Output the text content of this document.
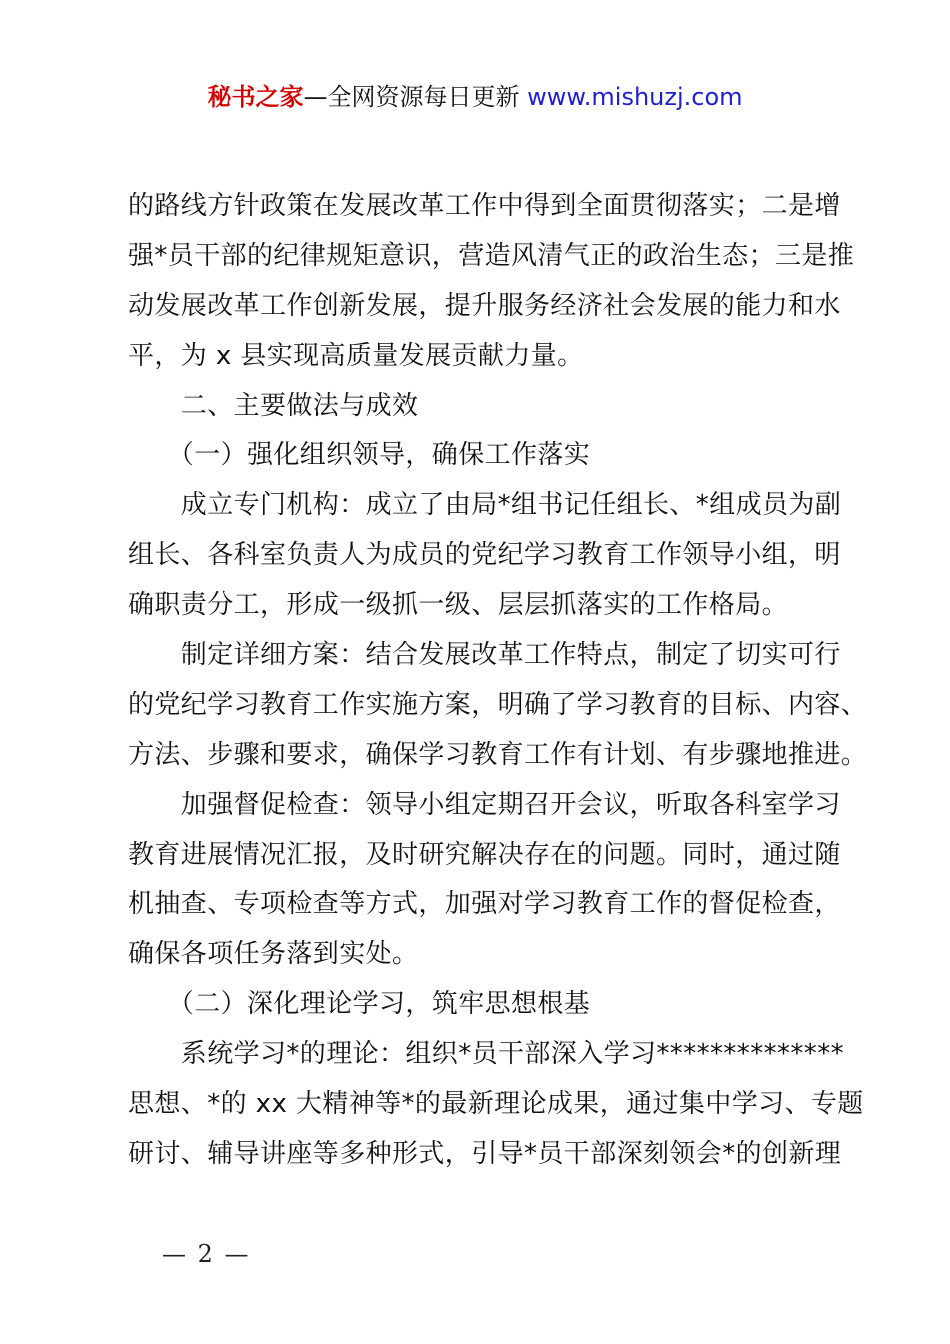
秘书之家—全网资源每日更新 www.mishuzj.com
的路线方针政策在发展改革工作中得到全面贯彻落实；二是增
强*员干部的纪律规矩意识，营造风清气正的政治生态；三是推
动发展改革工作创新发展，提升服务经济社会发展的能力和水
平，为 x 县实现高质量发展贡献力量。
　　二、主要做法与成效
　　（一）强化组织领导，确保工作落实
　　成立专门机构：成立了由局*组书记任组长、*组成员为副
组长、各科室负责人为成员的党纪学习教育工作领导小组，明
确职责分工，形成一级抓一级、层层抓落实的工作格局。
　　制定详细方案：结合发展改革工作特点，制定了切实可行
的党纪学习教育工作实施方案，明确了学习教育的目标、内容、
方法、步骤和要求，确保学习教育工作有计划、有步骤地推进。
　　加强督促检查：领导小组定期召开会议，听取各科室学习
教育进展情况汇报，及时研究解决存在的问题。同时，通过随
机抽查、专项检查等方式，加强对学习教育工作的督促检查，
确保各项任务落到实处。
　　（二）深化理论学习，筑牢思想根基
　　系统学习*的理论：组织*员干部深入学习**************
思想、*的 xx 大精神等*的最新理论成果，通过集中学习、专题
研讨、辅导讲座等多种形式，引导*员干部深刻领会*的创新理
— 2 —
